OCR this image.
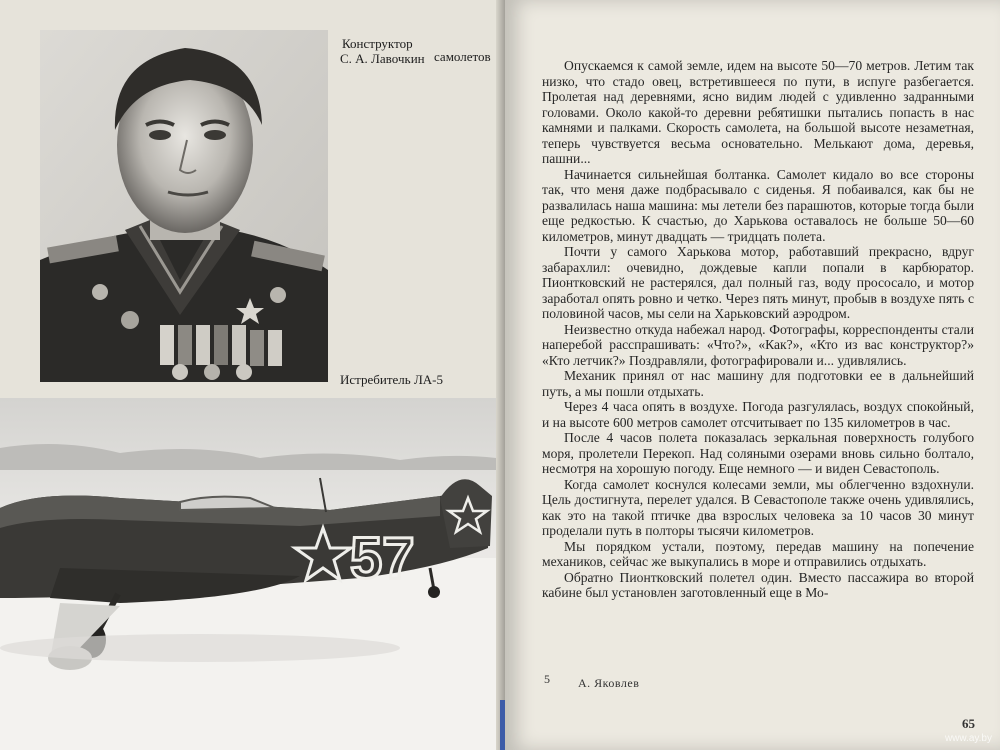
Конструктор
самолетов
С. А. Лавочкин
Истребитель ЛА-5
57

Опускаемся к самой земле, идем на высоте 50—70 метров. Летим так низко, что стадо овец, встретившееся по пути, в испуге разбегается. Пролетая над деревнями, ясно видим людей с удивленно задранными головами. Около какой-то деревни ребятишки пытались попасть в нас камнями и палками. Скорость самолета, на большой высоте незаметная, теперь чувствуется весьма основательно. Мелькают дома, деревья, пашни...

Начинается сильнейшая болтанка. Самолет кидало во все стороны так, что меня даже подбрасывало с сиденья. Я побаивался, как бы не развалилась наша машина: мы летели без парашютов, которые тогда были еще редкостью. К счастью, до Харькова оставалось не больше 50—60 километров, минут двадцать — тридцать полета.

Почти у самого Харькова мотор, работавший прекрасно, вдруг забарахлил: очевидно, дождевые капли попали в карбюратор. Пионтковский не растерялся, дал полный газ, воду прососало, и мотор заработал опять ровно и четко. Через пять минут, пробыв в воздухе пять с половиной часов, мы сели на Харьковский аэродром.

Неизвестно откуда набежал народ. Фотографы, корреспонденты стали наперебой расспрашивать: «Что?», «Как?», «Кто из вас конструктор?» «Кто летчик?» Поздравляли, фотографировали и... удивлялись.

Механик принял от нас машину для подготовки ее в дальнейший путь, а мы пошли отдыхать.

Через 4 часа опять в воздухе. Погода разгулялась, воздух спокойный, и на высоте 600 метров самолет отсчитывает по 135 километров в час.

После 4 часов полета показалась зеркальная поверхность голубого моря, пролетели Перекоп. Над соляными озерами вновь сильно болтало, несмотря на хорошую погоду. Еще немного — и виден Севастополь.

Когда самолет коснулся колесами земли, мы облегченно вздохнули. Цель достигнута, перелет удался. В Севастополе также очень удивлялись, как это на такой птичке два взрослых человека за 10 часов 30 минут проделали путь в полторы тысячи километров.

Мы порядком устали, поэтому, передав машину на попечение механиков, сейчас же выкупались в море и отправились отдыхать.

Обратно Пионтковский полетел один. Вместо пассажира во второй кабине был установлен заготовленный еще в Мо-

5 А. Яковлев
65
www.ay.by
